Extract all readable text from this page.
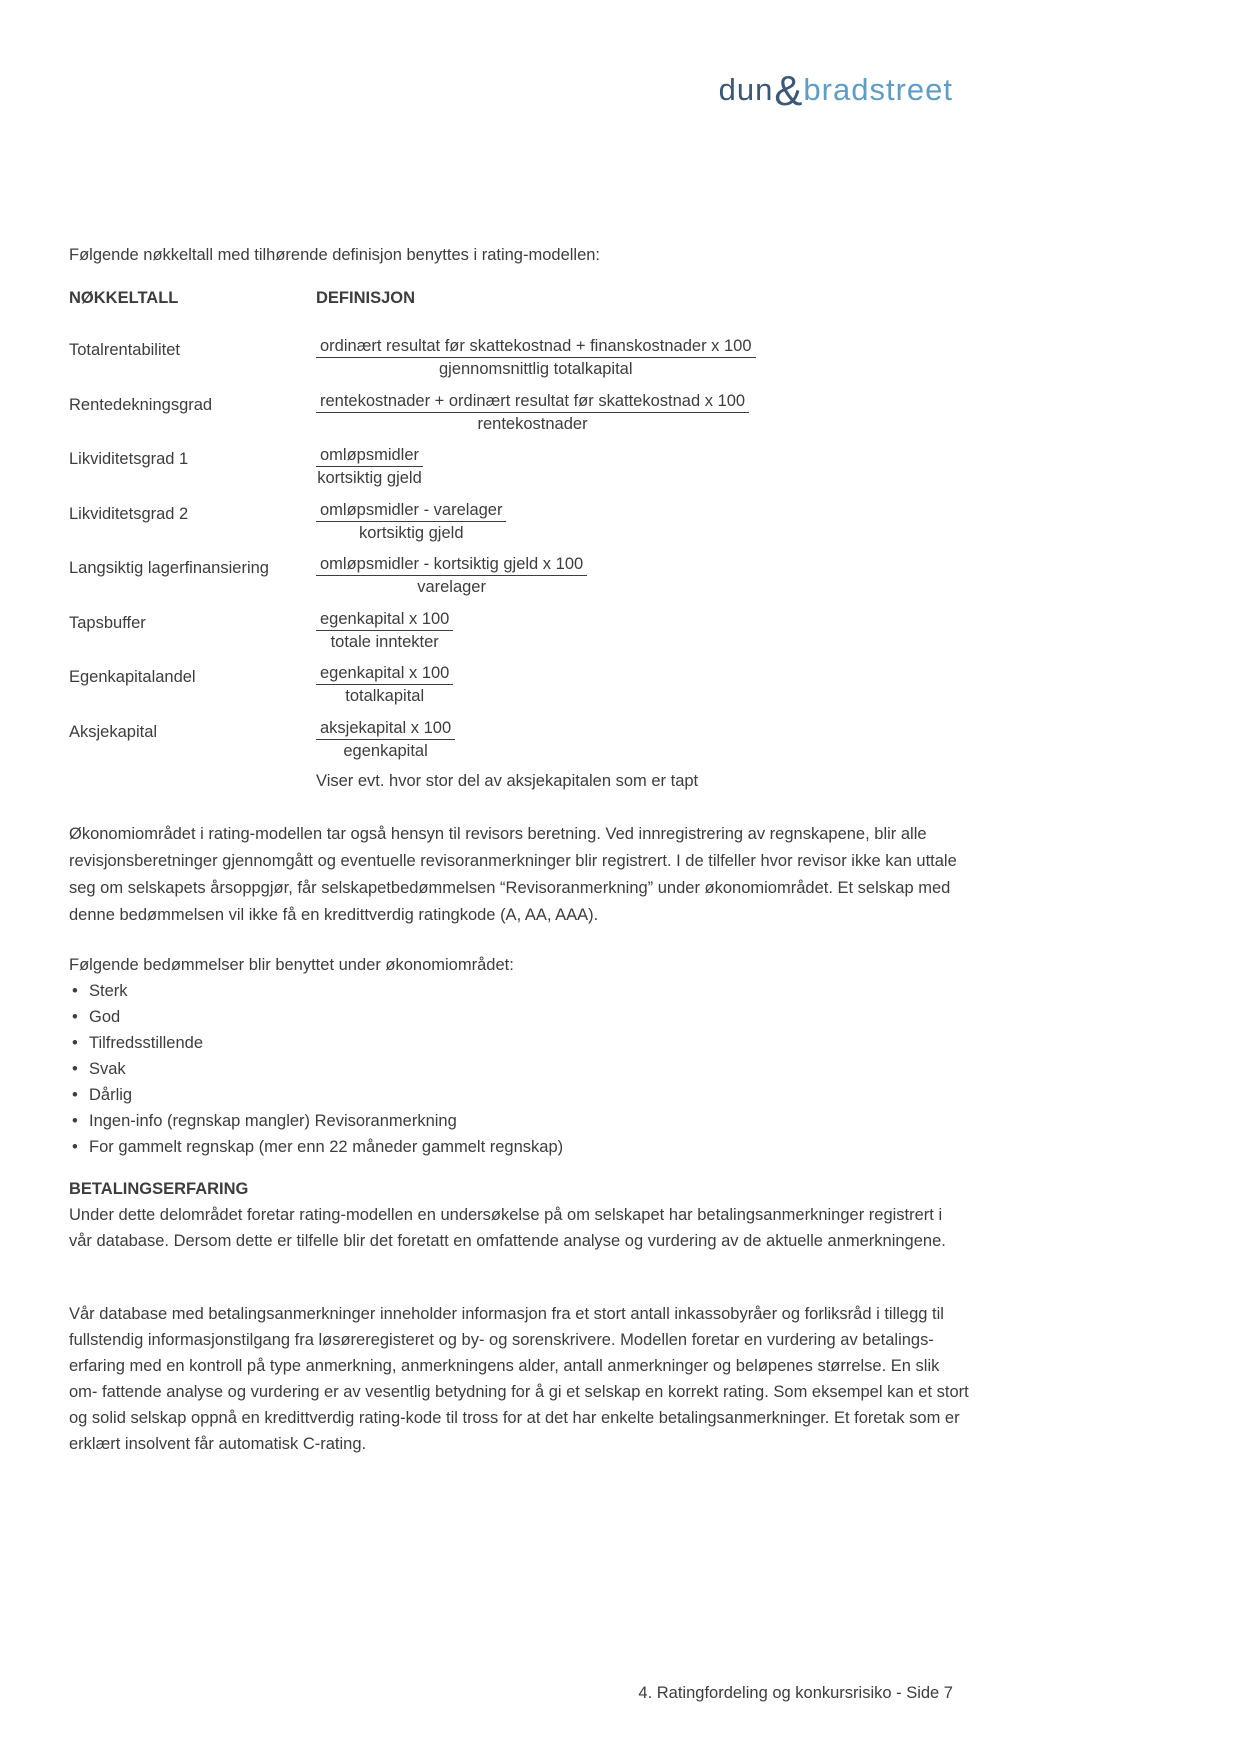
dun&bradstreet

Følgende nøkkeltall med tilhørende definisjon benyttes i rating-modellen:

NØKKELTALL	DEFINISJON
Totalrentabilitet	$\frac{\text{ordinært resultat før skattekostnad + finanskostnader x 100}}{\text{gjennomsnittlig totalkapital}}$
Rentedekningsgrad	$\frac{\text{rentekostnader + ordinært resultat før skattekostnad x 100}}{\text{rentekostnader}}$
Likviditetsgrad 1	$\frac{\text{omløpsmidler}}{\text{kortsiktig gjeld}}$
Likviditetsgrad 2	$\frac{\text{omløpsmidler - varelager}}{\text{kortsiktig gjeld}}$
Langsiktig lagerfinansiering	$\frac{\text{omløpsmidler - kortsiktig gjeld x 100}}{\text{varelager}}$
Tapsbuffer	$\frac{\text{egenkapital x 100}}{\text{totale inntekter}}$
Egenkapitalandel	$\frac{\text{egenkapital x 100}}{\text{totalkapital}}$
Aksjekapital	$\frac{\text{aksjekapital x 100}}{\text{egenkapital}}$
Viser evt. hvor stor del av aksjekapitalen som er tapt

Økonomiområdet i rating-modellen tar også hensyn til revisors beretning. Ved innregistrering av regnskapene, blir alle revisjonsberetninger gjennomgått og eventuelle revisoranmerkninger blir registrert. I de tilfeller hvor revisor ikke kan uttale seg om selskapets årsoppgjør, får selskapetbedømmelsen “Revisoranmerkning” under økonomiområdet. Et selskap med denne bedømmelsen vil ikke få en kredittverdig ratingkode (A, AA, AAA).

Følgende bedømmelser blir benyttet under økonomiområdet:
• Sterk
• God
• Tilfredsstillende
• Svak
• Dårlig
• Ingen-info (regnskap mangler) Revisoranmerkning
• For gammelt regnskap (mer enn 22 måneder gammelt regnskap)
BETALINGSERFARING
Under dette delområdet foretar rating-modellen en undersøkelse på om selskapet har betalingsanmerkninger registrert i vår database. Dersom dette er tilfelle blir det foretatt en omfattende analyse og vurdering av de aktuelle anmerkningene.

Vår database med betalingsanmerkninger inneholder informasjon fra et stort antall inkassobyråer og forliksråd i tillegg til fullstendig informasjonstilgang fra løsøreregisteret og by- og sorenskrivere. Modellen foretar en vurdering av betalings- erfaring med en kontroll på type anmerkning, anmerkningens alder, antall anmerkninger og beløpenes størrelse. En slik om- fattende analyse og vurdering er av vesentlig betydning for å gi et selskap en korrekt rating. Som eksempel kan et stort og solid selskap oppnå en kredittverdig rating-kode til tross for at det har enkelte betalingsanmerkninger. Et foretak som er erklært insolvent får automatisk C-rating.

4. Ratingfordeling og konkursrisiko - Side 7
